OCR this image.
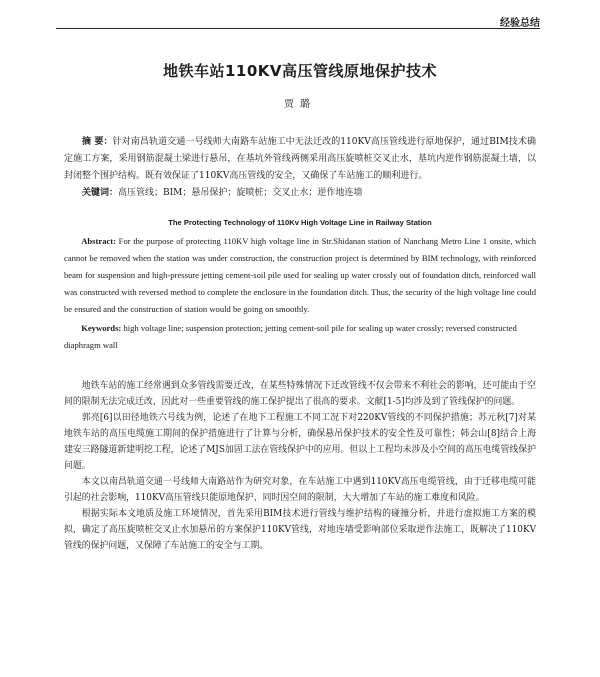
经验总结
地铁车站110KV高压管线原地保护技术
贾璐

摘 要：针对南昌轨道交通一号线师大南路车站施工中无法迁改的110KV高压管线进行原地保护，通过BIM技术确定施工方案，采用钢筋混凝土梁进行悬吊，在基坑外管线两侧采用高压旋喷桩交叉止水，基坑内逆作钢筋混凝土墙，以封闭整个围护结构。既有效保证了110KV高压管线的安全，又确保了车站施工的顺利进行。

关键词：高压管线；BIM；悬吊保护；旋喷桩；交叉止水；逆作地连墙

The Protecting Technology of 110Kv High Voltage Line in Railway Station

Abstract: For the purpose of protecting 110KV high voltage line in Str.Shidanan station of Nanchang Metro Line 1 onsite, which cannot be removed when the station was under construction, the construction project is determined by BIM technology, with reinforced beam for suspension and high-pressure jetting cement-soil pile used for sealing up water crossly out of foundation ditch, reinforced wall was constructed with reversed method to complete the enclosure in the foundation ditch. Thus, the security of the high voltage line could be ensured and the construction of station would be going on smoothly.

Keywords: high voltage line; suspension protection; jetting cement-soil pile for sealing up water crossly; reversed constructed diaphragm wall

地铁车站的施工经常遇到众多管线需要迁改，在某些特殊情况下迁改管线不仅会带来不利社会的影响，还可能由于空间的限制无法完成迁改，因此对一些重要管线的施工保护提出了很高的要求。文献[1-5]均涉及到了管线保护的问题。

郭亮[6]以田径地铁六号线为例，论述了在地下工程施工不同工况下对220KV管线的不同保护措施；苏元秋[7]对某地铁车站的高压电缆施工期间的保护措施进行了计算与分析，确保悬吊保护技术的安全性及可靠性；韩会山[8]结合上海建安三路隧道新建明挖工程，论述了MJS加固工法在管线保护中的应用。但以上工程均未涉及小空间的高压电缆管线保护问题。

本文以南昌轨道交通一号线师大南路站作为研究对象，在车站施工中遇到110KV高压电缆管线，由于迁移电缆可能引起的社会影响，110KV高压管线只能原地保护，同时因空间的限制，大大增加了车站的施工难度和风险。

根据实际本文地质及施工环境情况，首先采用BIM技术进行管线与维护结构的碰撞分析，并进行虚拟施工方案的模拟，确定了高压旋喷桩交叉止水加悬吊的方案保护110KV管线，对地连墙受影响部位采取逆作法施工，既解决了110KV管线的保护问题，又保障了车站施工的安全与工期。
